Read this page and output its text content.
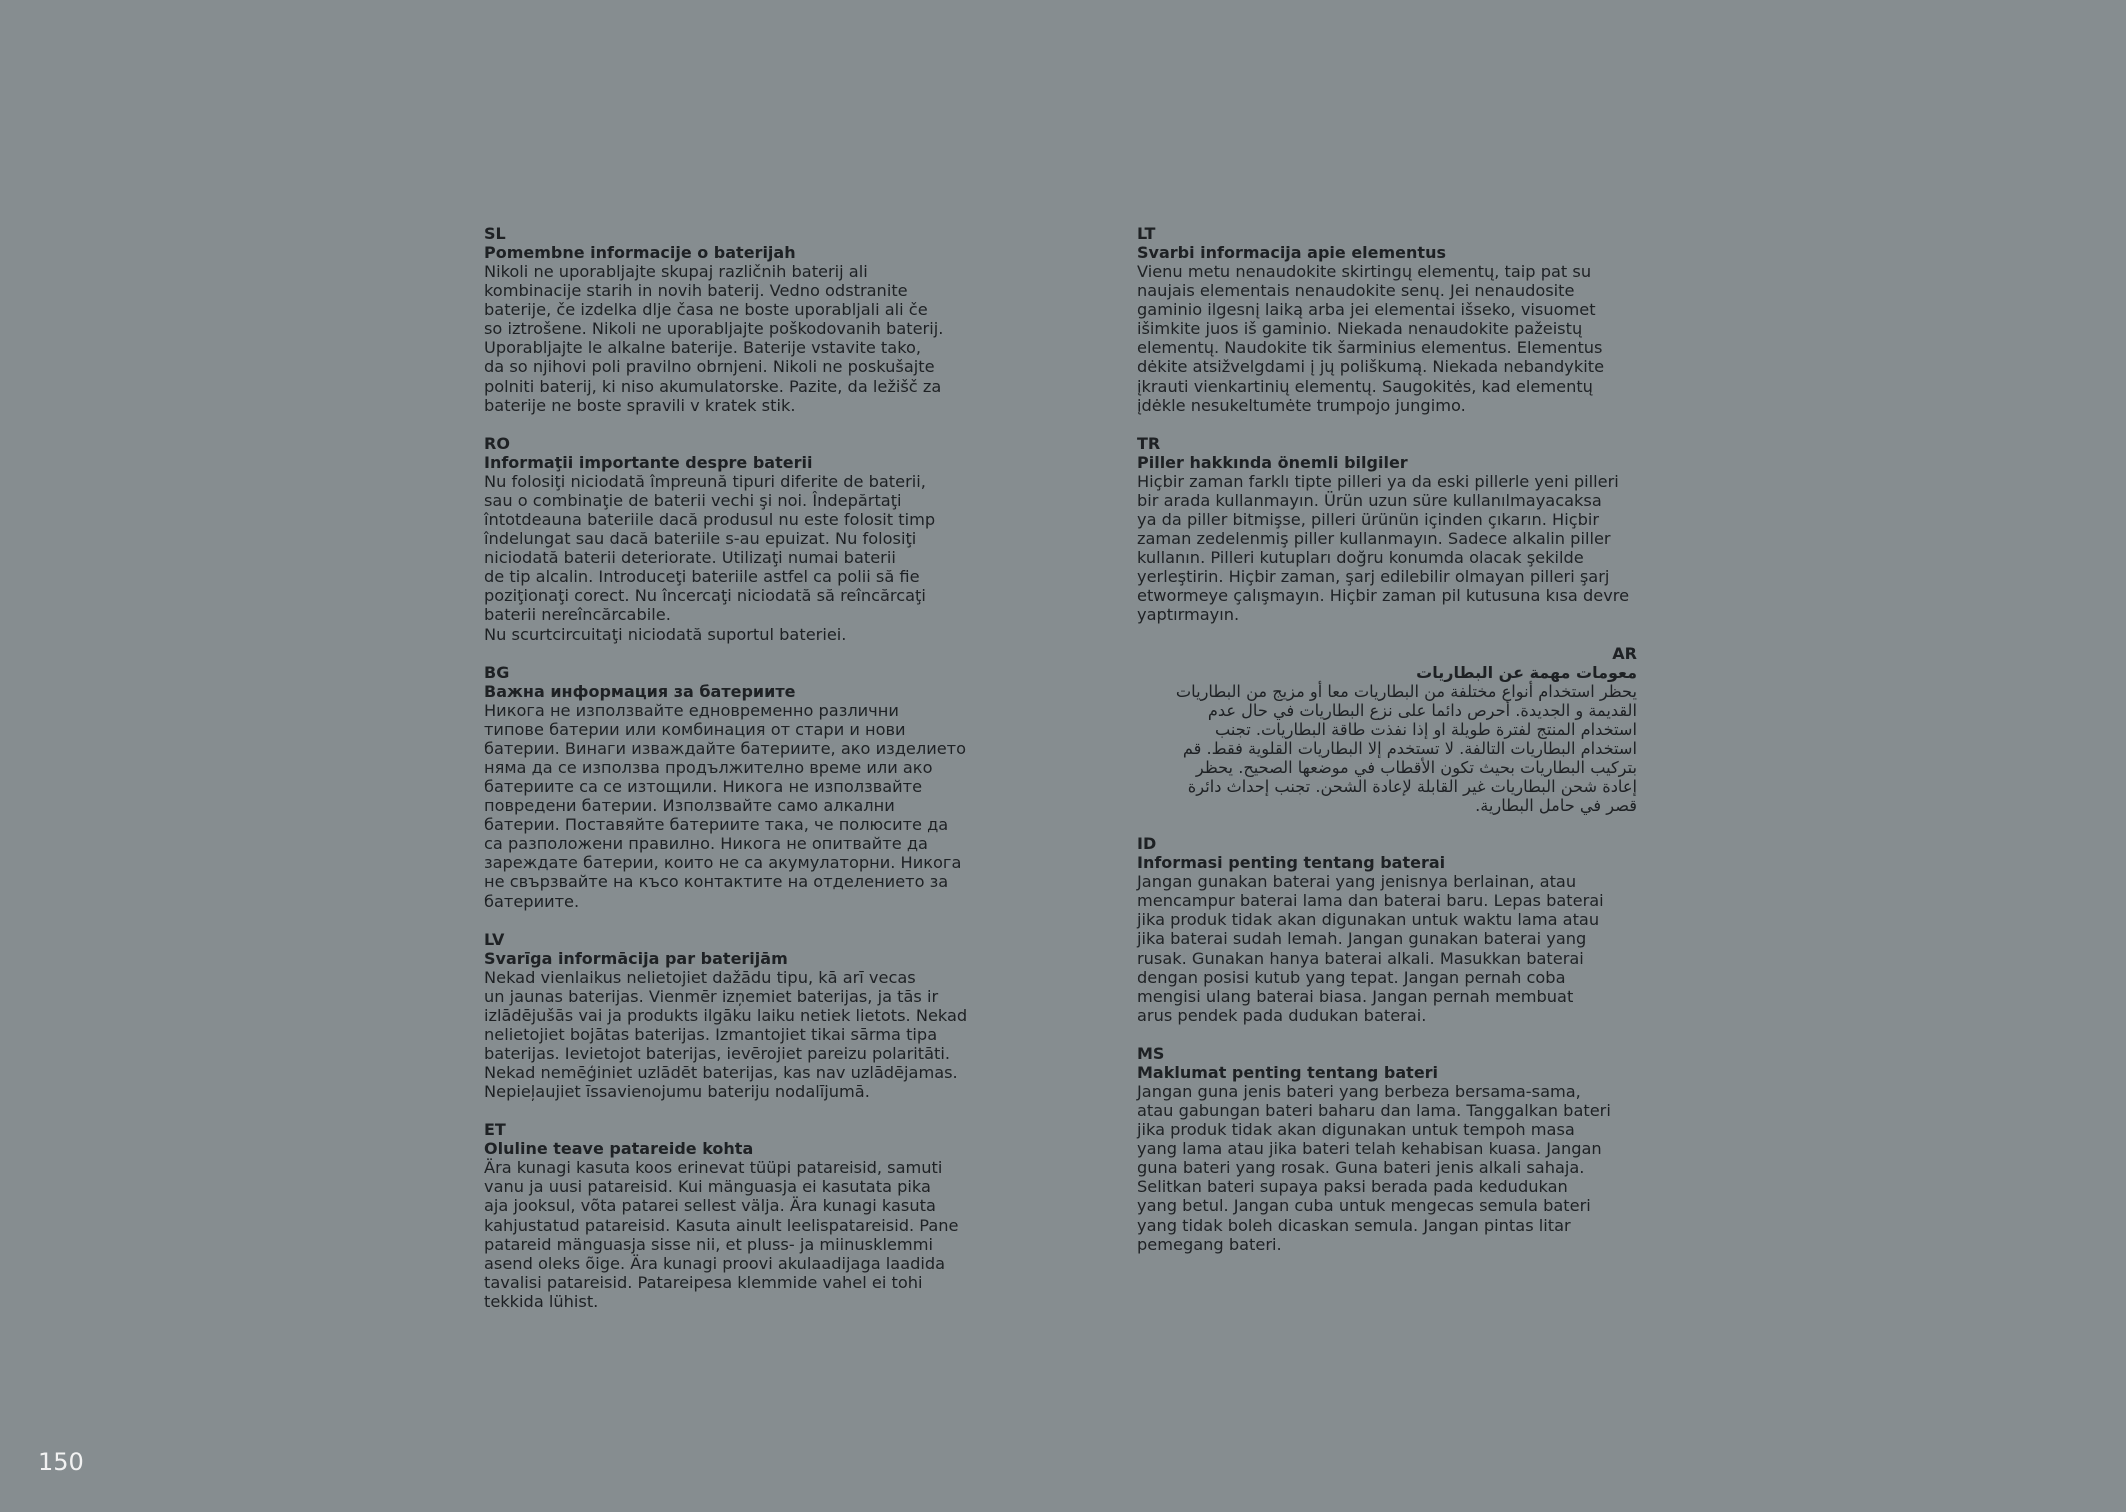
SL

Pomembne informacije o baterijah

Nikoli ne uporabljajte skupaj različnih baterij ali
kombinacije starih in novih baterij. Vedno odstranite
baterije, če izdelka dlje časa ne boste uporabljali ali če
so iztrošene. Nikoli ne uporabljajte poškodovanih baterij.
Uporabljajte le alkalne baterije. Baterije vstavite tako,
da so njihovi poli pravilno obrnjeni. Nikoli ne poskušajte
polniti baterij, ki niso akumulatorske. Pazite, da ležišč za
baterije ne boste spravili v kratek stik.

RO

Informaţii importante despre baterii

Nu folosiţi niciodată împreună tipuri diferite de baterii,
sau o combinaţie de baterii vechi şi noi. Îndepărtaţi
întotdeauna bateriile dacă produsul nu este folosit timp
îndelungat sau dacă bateriile s-au epuizat. Nu folosiţi
niciodată baterii deteriorate. Utilizaţi numai baterii
de tip alcalin. Introduceţi bateriile astfel ca polii să fie
poziţionaţi corect. Nu încercaţi niciodată să reîncărcaţi
baterii nereîncărcabile.
Nu scurtcircuitaţi niciodată suportul bateriei.

BG

Важна информация за батериите

Никога не използвайте едновременно различни
типове батерии или комбинация от стари и нови
батерии. Винаги изваждайте батериите, ако изделието
няма да се използва продължително време или ако
батериите са се изтощили. Никога не използвайте
повредени батерии. Използвайте само алкални
батерии. Поставяйте батериите така, че полюсите да
са разположени правилно. Никога не опитвайте да
зареждате батерии, които не са акумулаторни. Никога
не свързвайте на късо контактите на отделението за
батериите.

LV

Svarīga informācija par baterijām

Nekad vienlaikus nelietojiet dažādu tipu, kā arī vecas
un jaunas baterijas. Vienmēr izņemiet baterijas, ja tās ir
izlādējušās vai ja produkts ilgāku laiku netiek lietots. Nekad
nelietojiet bojātas baterijas. Izmantojiet tikai sārma tipa
baterijas. Ievietojot baterijas, ievērojiet pareizu polaritāti.
Nekad nemēģiniet uzlādēt baterijas, kas nav uzlādējamas.
Nepieļaujiet īssavienojumu bateriju nodalījumā.

ET

Oluline teave patareide kohta

Ära kunagi kasuta koos erinevat tüüpi patareisid, samuti
vanu ja uusi patareisid. Kui mänguasja ei kasutata pika
aja jooksul, võta patarei sellest välja. Ära kunagi kasuta
kahjustatud patareisid. Kasuta ainult leelispatareisid. Pane
patareid mänguasja sisse nii, et pluss- ja miinusklemmi
asend oleks õige. Ära kunagi proovi akulaadijaga laadida
tavalisi patareisid. Patareipesa klemmide vahel ei tohi
tekkida lühist.

LT

Svarbi informacija apie elementus

Vienu metu nenaudokite skirtingų elementų, taip pat su
naujais elementais nenaudokite senų. Jei nenaudosite
gaminio ilgesnį laiką arba jei elementai išseko, visuomet
išimkite juos iš gaminio. Niekada nenaudokite pažeistų
elementų. Naudokite tik šarminius elementus. Elementus
dėkite atsižvelgdami į jų poliškumą. Niekada nebandykite
įkrauti vienkartinių elementų. Saugokitės, kad elementų
įdėkle nesukeltumėte trumpojo jungimo.

TR

Piller hakkında önemli bilgiler

Hiçbir zaman farklı tipte pilleri ya da eski pillerle yeni pilleri
bir arada kullanmayın. Ürün uzun süre kullanılmayacaksa
ya da piller bitmişse, pilleri ürünün içinden çıkarın. Hiçbir
zaman zedelenmiş piller kullanmayın. Sadece alkalin piller
kullanın. Pilleri kutupları doğru konumda olacak şekilde
yerleştirin. Hiçbir zaman, şarj edilebilir olmayan pilleri şarj
etwormeye çalışmayın. Hiçbir zaman pil kutusuna kısa devre
yaptırmayın.

AR

معومات مهمة عن البطاريات

يحظر استخدام أنواع مختلفة من البطاريات معا أو مزيج من البطاريات
القديمة و الجديدة. أحرص دائما على نزع البطاريات في حال عدم
استخدام المنتج لفترة طويلة او إذا نفذت طاقة البطاريات. تجنب
استخدام البطاريات التالفة. لا تستخدم إلا البطاريات القلوية فقط. قم
بتركيب البطاريات بحيث تكون الأقطاب في موضعها الصحيح. يحظر
إعادة شحن البطاريات غير القابلة لإعادة الشحن. تجنب إحداث دائرة
قصر في حامل البطارية.

ID

Informasi penting tentang baterai

Jangan gunakan baterai yang jenisnya berlainan, atau
mencampur baterai lama dan baterai baru. Lepas baterai
jika produk tidak akan digunakan untuk waktu lama atau
jika baterai sudah lemah. Jangan gunakan baterai yang
rusak. Gunakan hanya baterai alkali. Masukkan baterai
dengan posisi kutub yang tepat. Jangan pernah coba
mengisi ulang baterai biasa. Jangan pernah membuat
arus pendek pada dudukan baterai.

MS

Maklumat penting tentang bateri

Jangan guna jenis bateri yang berbeza bersama-sama,
atau gabungan bateri baharu dan lama. Tanggalkan bateri
jika produk tidak akan digunakan untuk tempoh masa
yang lama atau jika bateri telah kehabisan kuasa. Jangan
guna bateri yang rosak. Guna bateri jenis alkali sahaja.
Selitkan bateri supaya paksi berada pada kedudukan
yang betul. Jangan cuba untuk mengecas semula bateri
yang tidak boleh dicaskan semula. Jangan pintas litar
pemegang bateri.

150
